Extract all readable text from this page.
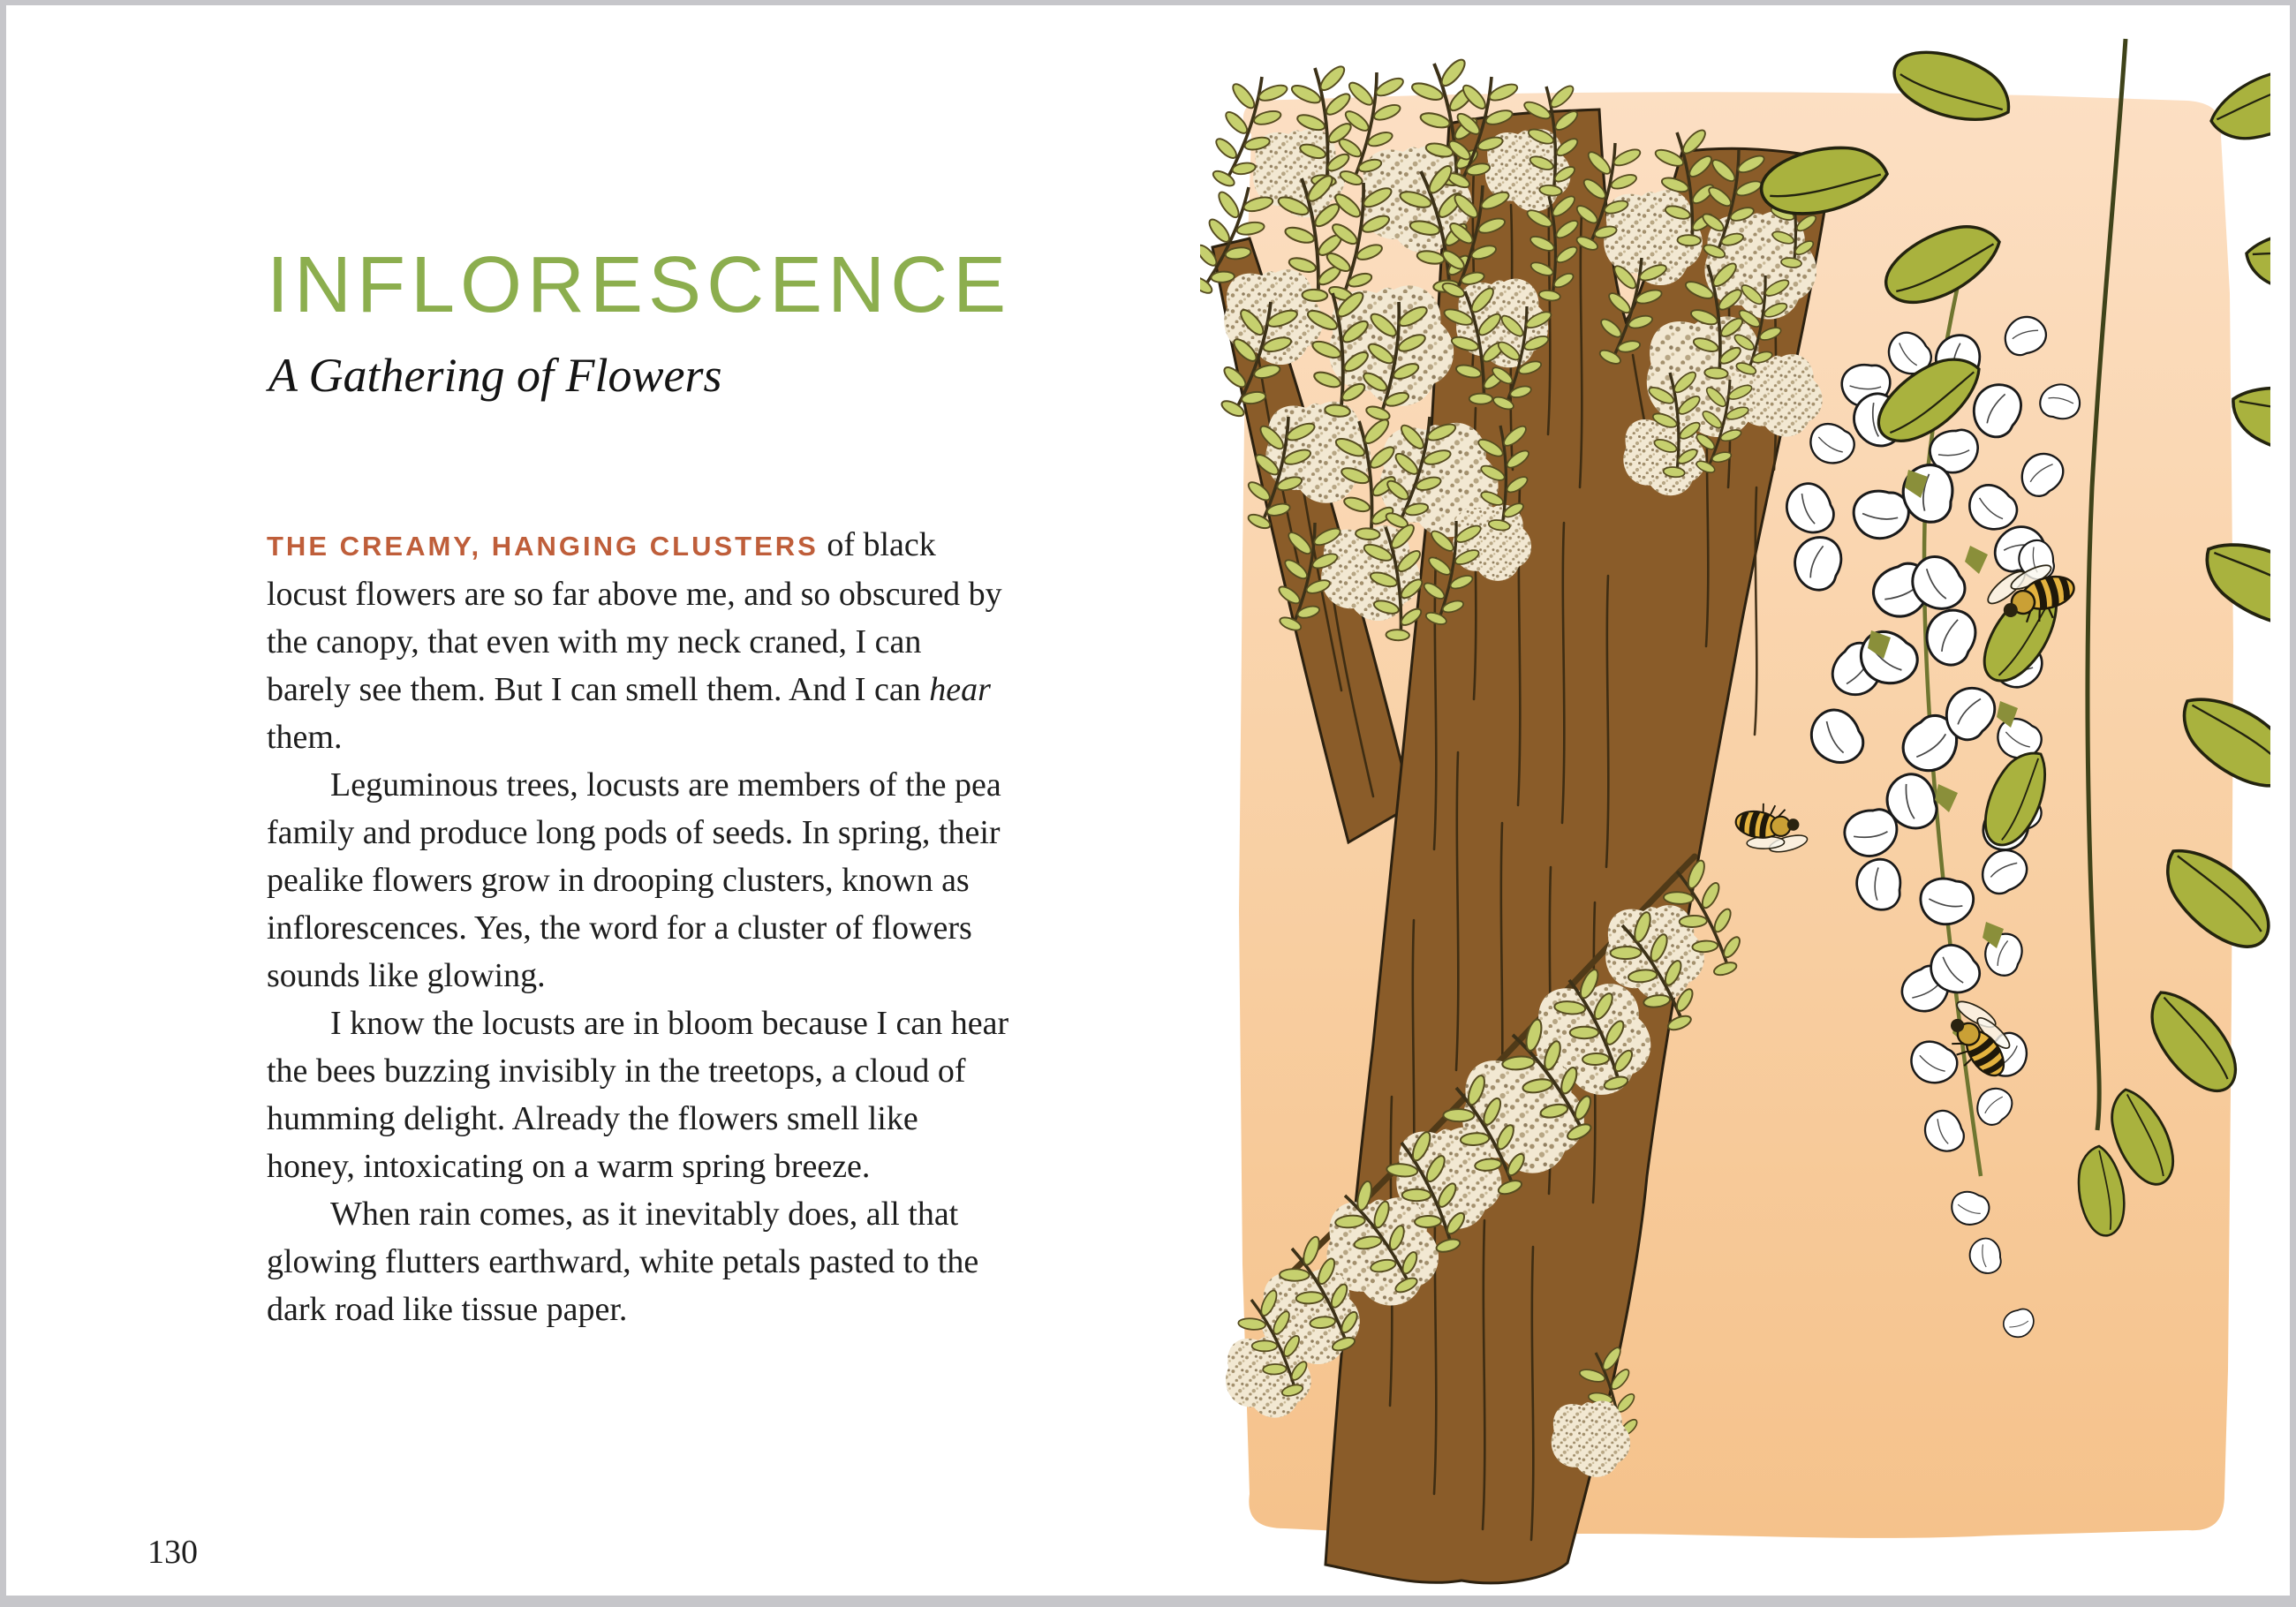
INFLORESCENCE
A Gathering of Flowers

THE CREAMY, HANGING CLUSTERS of black locust flowers are so far above me, and so obscured by the canopy, that even with my neck craned, I can barely see them. But I can smell them. And I can hear them.

Leguminous trees, locusts are members of the pea family and produce long pods of seeds. In spring, their pealike flowers grow in drooping clusters, known as inflorescences. Yes, the word for a cluster of flowers sounds like glowing.

I know the locusts are in bloom because I can hear the bees buzzing invisibly in the treetops, a cloud of humming delight. Already the flowers smell like honey, intoxicating on a warm spring breeze.

When rain comes, as it inevitably does, all that glowing flutters earthward, white petals pasted to the dark road like tissue paper.

130
